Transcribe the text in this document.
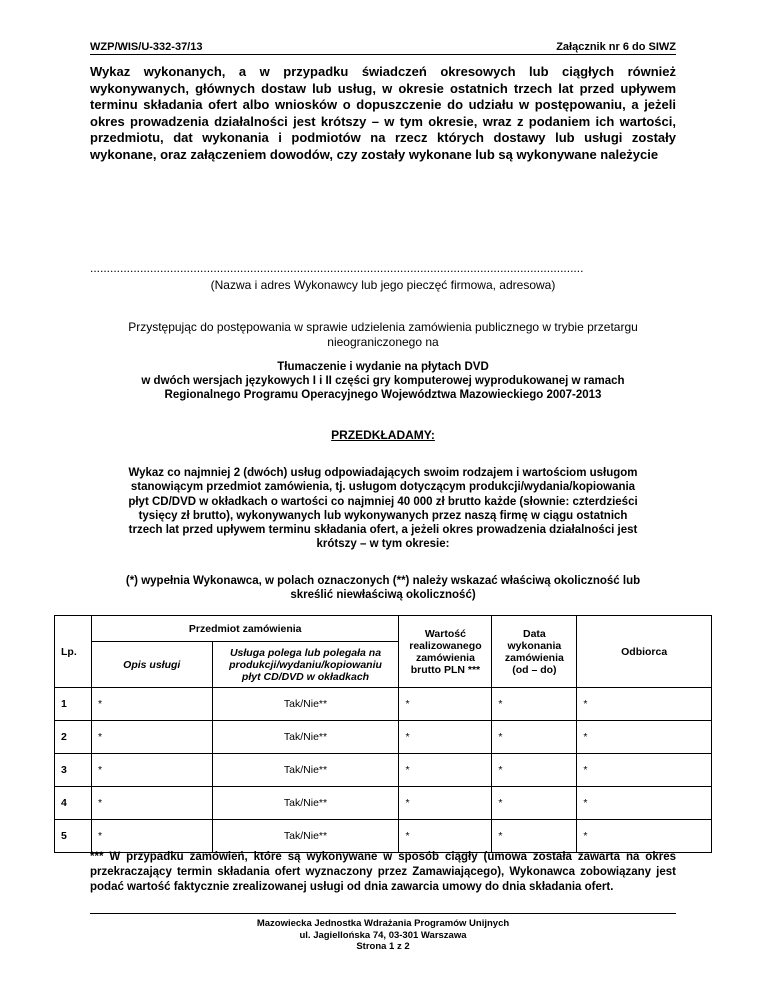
WZP/WIS/U-332-37/13	Załącznik nr 6 do SIWZ
Wykaz wykonanych, a w przypadku świadczeń okresowych lub ciągłych również wykonywanych, głównych dostaw lub usług, w okresie ostatnich trzech lat przed upływem terminu składania ofert albo wniosków o dopuszczenie do udziału w postępowaniu, a jeżeli okres prowadzenia działalności jest krótszy – w tym okresie, wraz z podaniem ich wartości, przedmiotu, dat wykonania i podmiotów na rzecz których dostawy lub usługi zostały wykonane, oraz załączeniem dowodów, czy zostały wykonane lub są wykonywane należycie
....................................................................................................................................................
(Nazwa i adres Wykonawcy lub jego pieczęć firmowa, adresowa)
Przystępując do postępowania w sprawie udzielenia zamówienia publicznego w trybie przetargu
nieograniczonego na
Tłumaczenie i wydanie na płytach DVD
w dwóch wersjach językowych I i II części gry komputerowej wyprodukowanej w ramach
Regionalnego Programu Operacyjnego Województwa Mazowieckiego 2007-2013
PRZEDKŁADAMY:
Wykaz co najmniej 2 (dwóch) usług odpowiadających swoim rodzajem i wartościom usługom
stanowiącym przedmiot zamówienia, tj. usługom dotyczącym produkcji/wydania/kopiowania
płyt CD/DVD w okładkach o wartości co najmniej 40 000 zł brutto każde (słownie: czterdzieści
tysięcy zł brutto), wykonywanych lub wykonywanych przez naszą firmę w ciągu ostatnich
trzech lat przed upływem terminu składania ofert, a jeżeli okres prowadzenia działalności jest
krótszy – w tym okresie:
(*) wypełnia Wykonawca, w polach oznaczonych (**) należy wskazać właściwą okoliczność lub
skreślić niewłaściwą okoliczność)
Lp.	Przedmiot zamówienia		Wartość realizowanego zamówienia brutto PLN ***	Data wykonania zamówienia (od – do)	Odbiorca
	Opis usługi	Usługa polega lub polegała na produkcji/wydaniu/kopiowaniu płyt CD/DVD w okładkach			
1	*	Tak/Nie**	*	*	*
2	*	Tak/Nie**	*	*	*
3	*	Tak/Nie**	*	*	*
4	*	Tak/Nie**	*	*	*
5	*	Tak/Nie**	*	*	*
*** W przypadku zamówień, które są wykonywane w sposób ciągły (umowa została zawarta na okres przekraczający termin składania ofert wyznaczony przez Zamawiającego), Wykonawca zobowiązany jest podać wartość faktycznie zrealizowanej usługi od dnia zawarcia umowy do dnia składania ofert.
Mazowiecka Jednostka Wdrażania Programów Unijnych
ul. Jagiellońska 74, 03-301 Warszawa
Strona 1 z 2
